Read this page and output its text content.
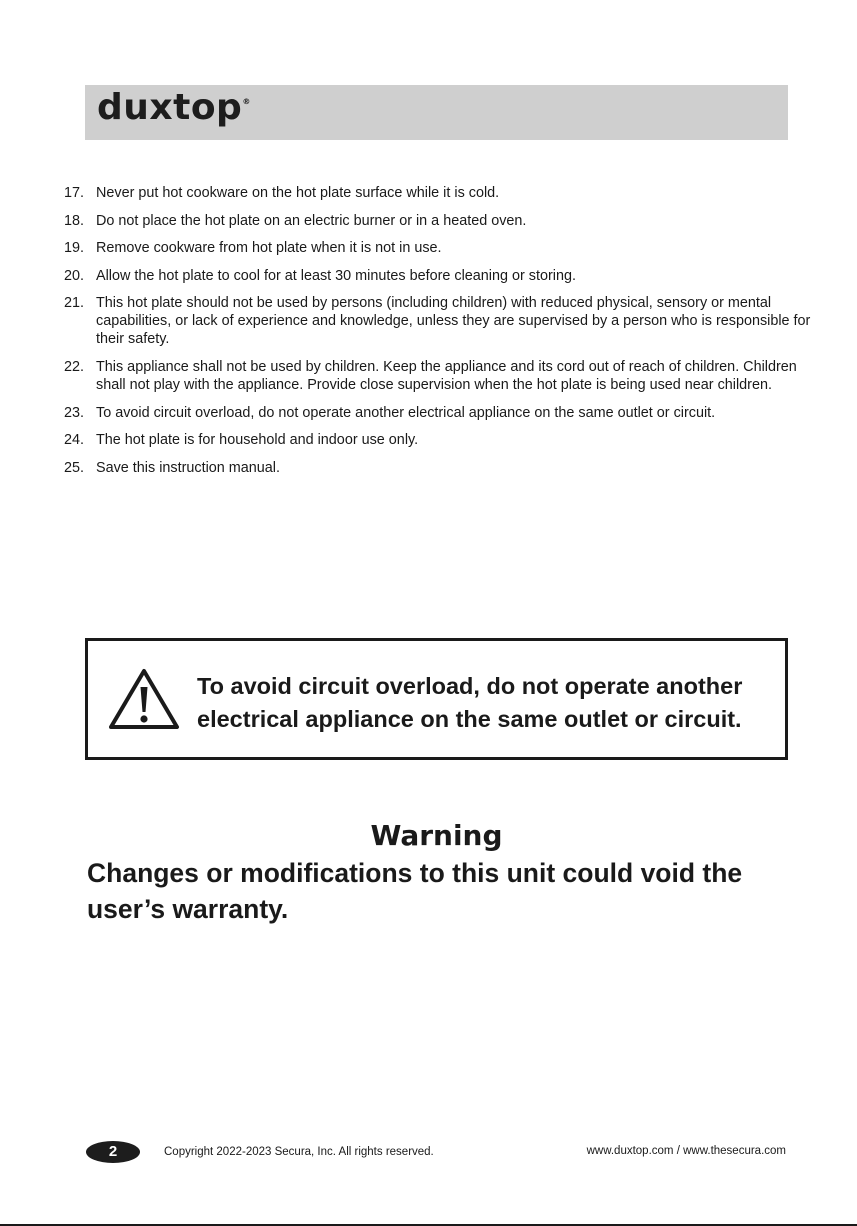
duxtop®
17. Never put hot cookware on the hot plate surface while it is cold.
18. Do not place the hot plate on an electric burner or in a heated oven.
19. Remove cookware from hot plate when it is not in use.
20. Allow the hot plate to cool for at least 30 minutes before cleaning or storing.
21. This hot plate should not be used by persons (including children) with reduced physical, sensory or mental capabilities, or lack of experience and knowledge, unless they are supervised by a person who is responsible for their safety.
22. This appliance shall not be used by children. Keep the appliance and its cord out of reach of children. Children shall not play with the appliance. Provide close supervision when the hot plate is being used near children.
23. To avoid circuit overload, do not operate another electrical appliance on the same outlet or circuit.
24. The hot plate is for household and indoor use only.
25. Save this instruction manual.
To avoid circuit overload, do not operate another electrical appliance on the same outlet or circuit.
Warning
Changes or modifications to this unit could void the user’s warranty.
2	Copyright 2022-2023 Secura, Inc. All rights reserved.	www.duxtop.com / www.thesecura.com
